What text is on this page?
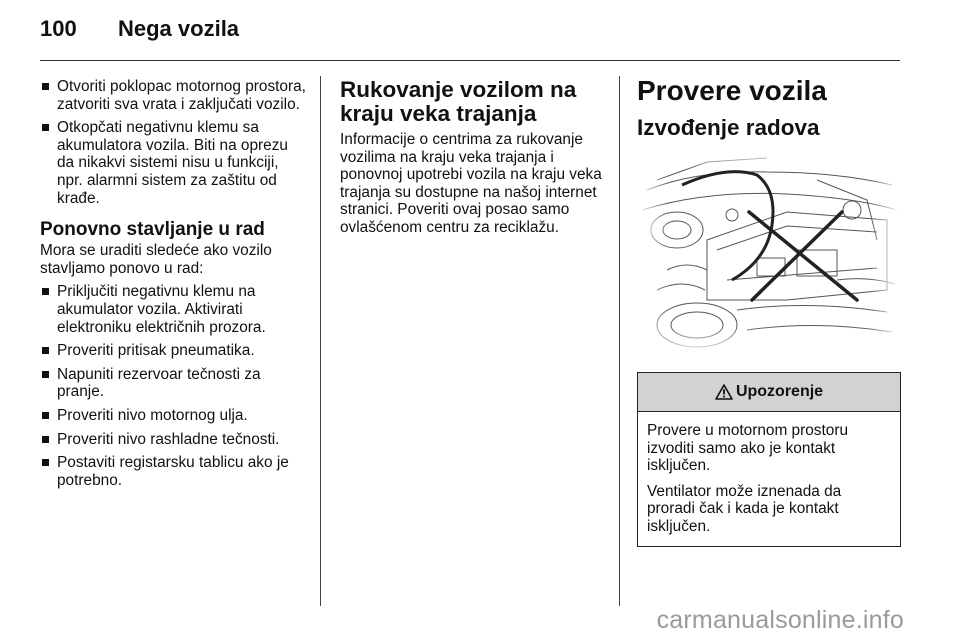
100 Nega vozila
Otvoriti poklopac motornog prostora, zatvoriti sva vrata i zaključati vozilo.
Otkopčati negativnu klemu sa akumulatora vozila. Biti na oprezu da nikakvi sistemi nisu u funkciji, npr. alarmni sistem za zaštitu od krađe.
Ponovno stavljanje u rad

Mora se uraditi sledeće ako vozilo stavljamo ponovo u rad:

Priključiti negativnu klemu na akumulator vozila. Aktivirati elektroniku električnih prozora.
Proveriti pritisak pneumatika.
Napuniti rezervoar tečnosti za pranje.
Proveriti nivo motornog ulja.
Proveriti nivo rashladne tečnosti.
Postaviti registarsku tablicu ako je potrebno.
Rukovanje vozilom na kraju veka trajanja

Informacije o centrima za rukovanje vozilima na kraju veka trajanja i ponovnoj upotrebi vozila na kraju veka trajanja su dostupne na našoj internet stranici. Poveriti ovaj posao samo ovlašćenom centru za reciklažu.

Provere vozila
Izvođenje radova
Upozorenje

Provere u motornom prostoru izvoditi samo ako je kontakt isključen.

Ventilator može iznenada da proradi čak i kada je kontakt isključen.

carmanualsonline.info
